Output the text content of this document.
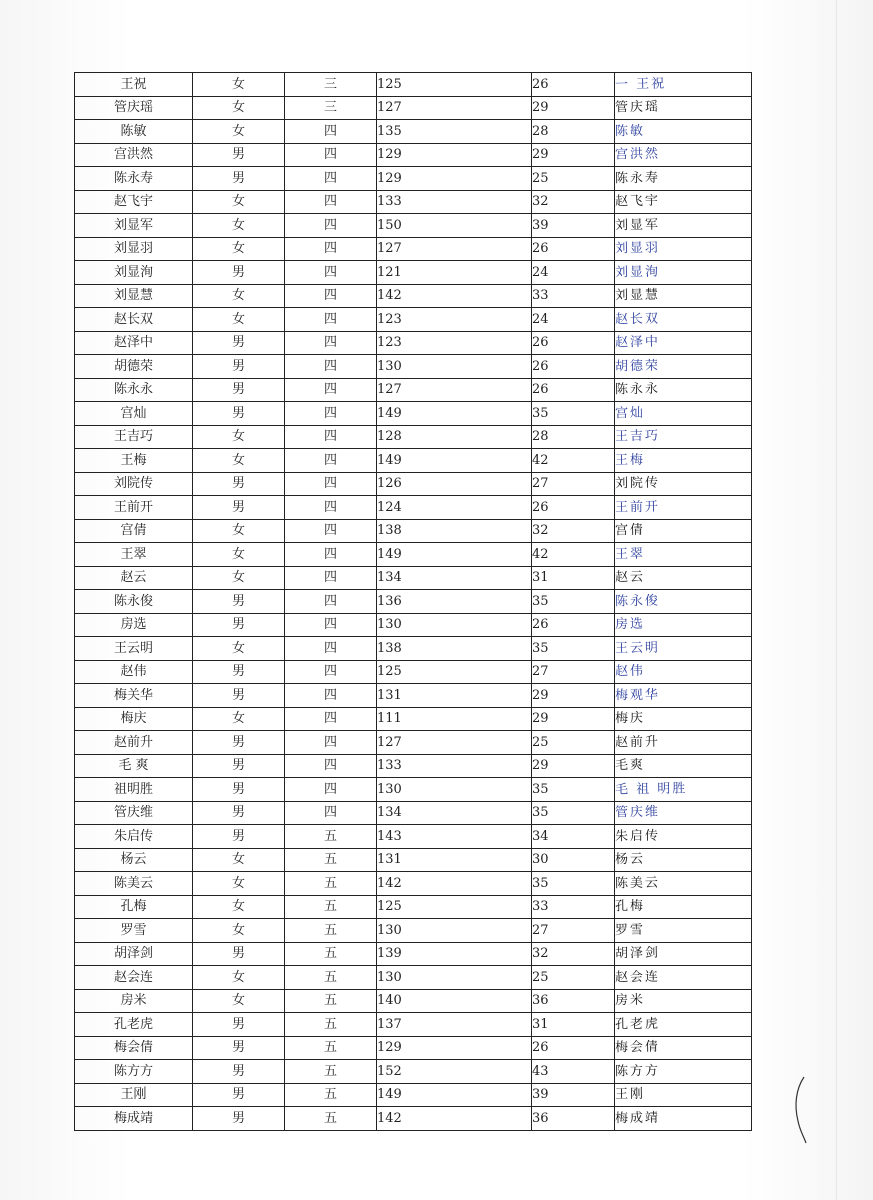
王祝	女	三	125	26	一 王祝
管庆瑶	女	三	127	29	管庆瑶
陈敏	女	四	135	28	陈敏
宫洪然	男	四	129	29	宫洪然
陈永寿	男	四	129	25	陈永寿
赵飞宇	女	四	133	32	赵飞宇
刘显军	女	四	150	39	刘显军
刘显羽	女	四	127	26	刘显羽
刘显洵	男	四	121	24	刘显洵
刘显慧	女	四	142	33	刘显慧
赵长双	女	四	123	24	赵长双
赵泽中	男	四	123	26	赵泽中
胡德荣	男	四	130	26	胡德荣
陈永永	男	四	127	26	陈永永
宫灿	男	四	149	35	宫灿
王吉巧	女	四	128	28	王吉巧
王梅	女	四	149	42	王梅
刘院传	男	四	126	27	刘院传
王前开	男	四	124	26	王前开
宫倩	女	四	138	32	宫倩
王翠	女	四	149	42	王翠
赵云	女	四	134	31	赵云
陈永俊	男	四	136	35	陈永俊
房选	男	四	130	26	房选
王云明	女	四	138	35	王云明
赵伟	男	四	125	27	赵伟
梅关华	男	四	131	29	梅观华
梅庆	女	四	111	29	梅庆
赵前升	男	四	127	25	赵前升
毛 爽	男	四	133	29	毛爽
祖明胜	男	四	130	35	毛 祖 明胜
管庆维	男	四	134	35	管庆维
朱启传	男	五	143	34	朱启传
杨云	女	五	131	30	杨云
陈美云	女	五	142	35	陈美云
孔梅	女	五	125	33	孔梅
罗雪	女	五	130	27	罗雪
胡泽剑	男	五	139	32	胡泽剑
赵会连	女	五	130	25	赵会连
房米	女	五	140	36	房米
孔老虎	男	五	137	31	孔老虎
梅会倩	男	五	129	26	梅会倩
陈方方	男	五	152	43	陈方方
王刚	男	五	149	39	王刚
梅成靖	男	五	142	36	梅成靖
